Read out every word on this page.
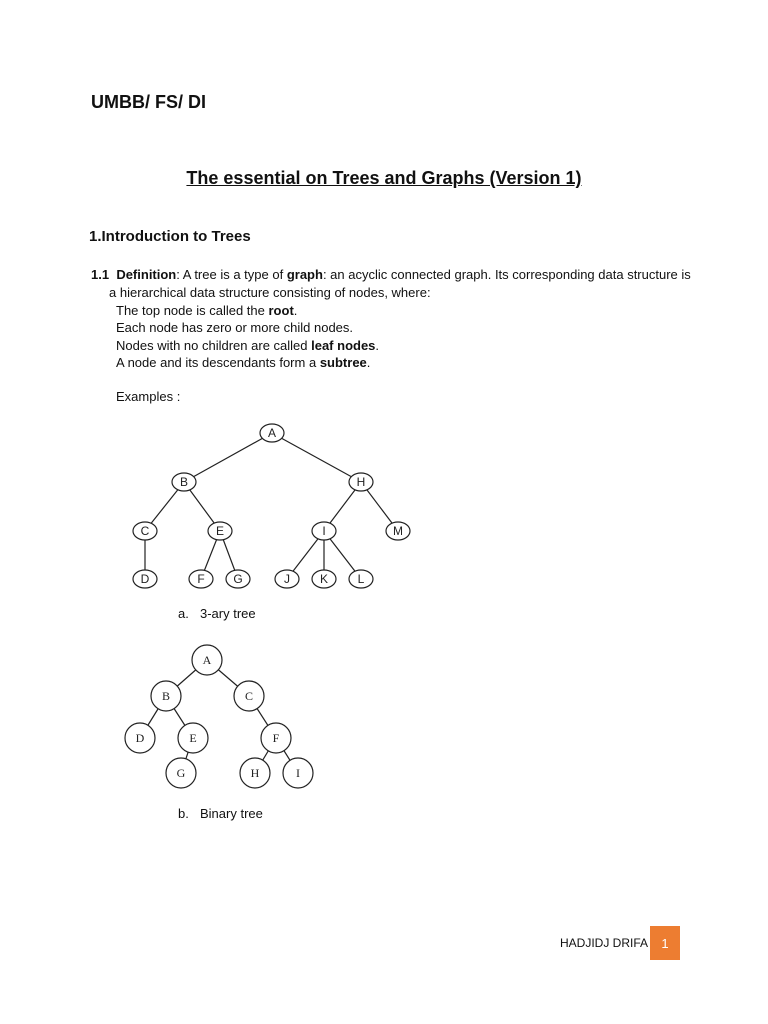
UMBB/ FS/ DI
The essential on Trees and Graphs (Version 1)
1.Introduction to Trees
1.1 Definition: A tree is a type of graph: an acyclic connected graph. Its corresponding data structure is
a hierarchical data structure consisting of nodes, where:
The top node is called the root.
Each node has zero or more child nodes.
Nodes with no children are called leaf nodes.
A node and its descendants form a subtree.
Examples :
A
B	H
C	E	I	M
D	F G	J K L
A
B	C
D	E	F
G	H	I
a. 3-ary tree
b. Binary tree
HADJIDJ DRIFA	1
